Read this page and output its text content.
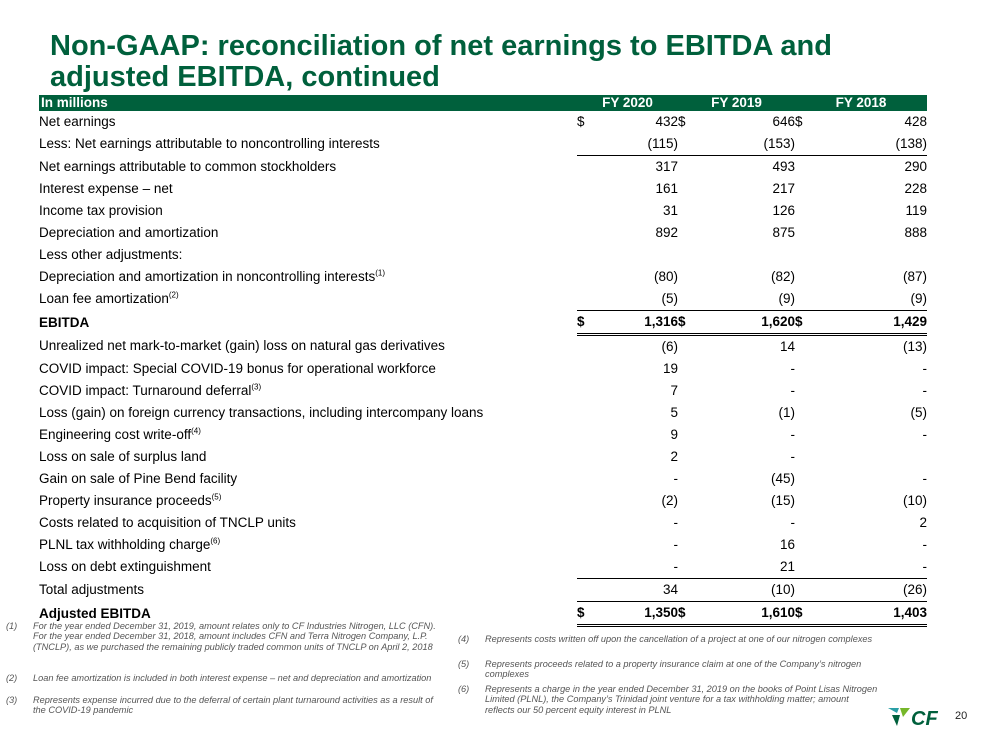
Non-GAAP: reconciliation of net earnings to EBITDA and adjusted EBITDA, continued
In millions	FY 2020		FY 2019		FY 2018		
Net earnings	$	432	$	646	$	428	
Less: Net earnings attributable to noncontrolling interests		(115)		(153)		(138)	
Net earnings attributable to common stockholders		317		493		290	
Interest expense – net		161		217		228	
Income tax provision		31		126		119	
Depreciation and amortization		892		875		888	
Less other adjustments:							
Depreciation and amortization in noncontrolling interests$^{(1)}$		(80)		(82)		(87)	
Loan fee amortization$^{(2)}$		(5)		(9)		(9)	
EBITDA	$	1,316	$	1,620	$	1,429	
Unrealized net mark-to-market (gain) loss on natural gas derivatives		(6)		14		(13)	
COVID impact: Special COVID-19 bonus for operational workforce		19		-		-	
COVID impact: Turnaround deferral$^{(3)}$		7		-		-	
Loss (gain) on foreign currency transactions, including intercompany loans		5		(1)		(5)	
Engineering cost write-off$^{(4)}$		9		-		-	
Loss on sale of surplus land		2		-			
Gain on sale of Pine Bend facility		-		(45)		-	
Property insurance proceeds$^{(5)}$		(2)		(15)		(10)	
Costs related to acquisition of TNCLP units		-		-		2	
PLNL tax withholding charge$^{(6)}$		-		16		-	
Loss on debt extinguishment		-		21		-	
Total adjustments		34		(10)		(26)	
Adjusted EBITDA	$	1,350	$	1,610	$	1,403	
(1) For the year ended December 31, 2019, amount relates only to CF Industries Nitrogen, LLC (CFN). For the year ended December 31, 2018, amount includes CFN and Terra Nitrogen Company, L.P. (TNCLP), as we purchased the remaining publicly traded common units of TNCLP on April 2, 2018
(2) Loan fee amortization is included in both interest expense – net and depreciation and amortization
(3) Represents expense incurred due to the deferral of certain plant turnaround activities as a result of the COVID-19 pandemic
(4) Represents costs written off upon the cancellation of a project at one of our nitrogen complexes
(5) Represents proceeds related to a property insurance claim at one of the Company’s nitrogen complexes
(6) Represents a charge in the year ended December 31, 2019 on the books of Point Lisas Nitrogen Limited (PLNL), the Company’s Trinidad joint venture for a tax withholding matter; amount reflects our 50 percent equity interest in PLNL	CF 20
